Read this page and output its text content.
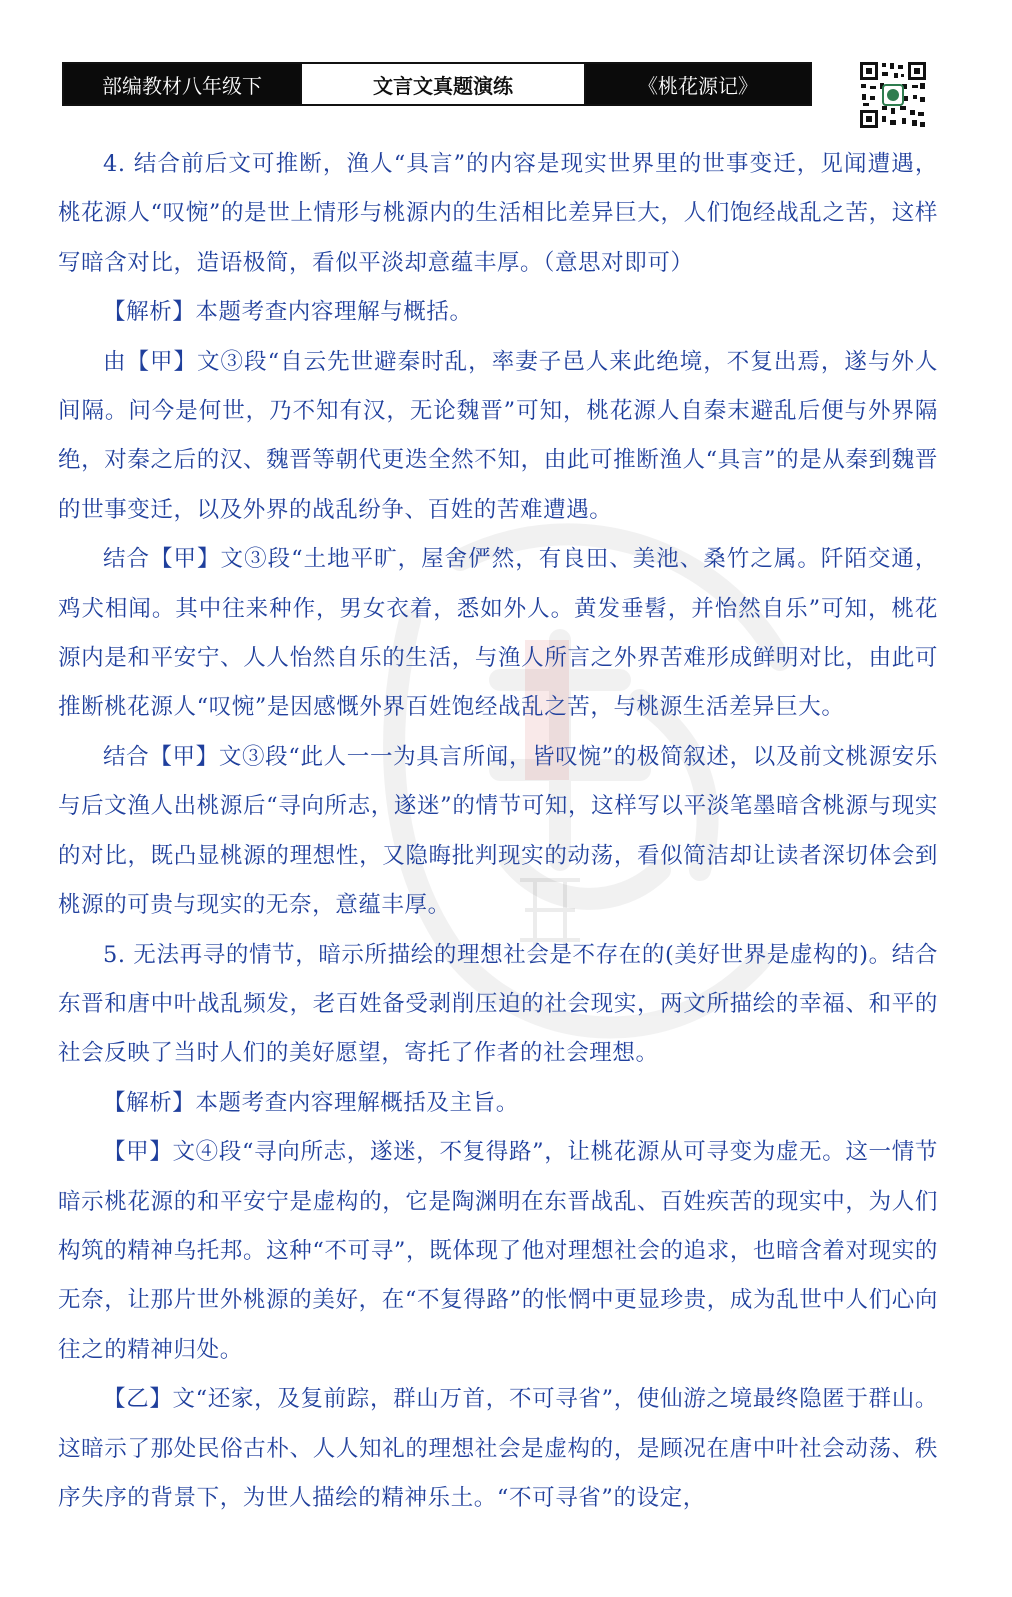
部编教材八年级下	文言文真题演练	《桃花源记》

4. 结合前后文可推断，渔人“具言”的内容是现实世界里的世事变迁，见闻遭遇，桃花源人“叹惋”的是世上情形与桃源内的生活相比差异巨大，人们饱经战乱之苦，这样写暗含对比，造语极简，看似平淡却意蕴丰厚。（意思对即可）

【解析】本题考查内容理解与概括。

由【甲】文③段“自云先世避秦时乱，率妻子邑人来此绝境，不复出焉，遂与外人间隔。问今是何世，乃不知有汉，无论魏晋”可知，桃花源人自秦末避乱后便与外界隔绝，对秦之后的汉、魏晋等朝代更迭全然不知，由此可推断渔人“具言”的是从秦到魏晋的世事变迁，以及外界的战乱纷争、百姓的苦难遭遇。

结合【甲】文③段“土地平旷，屋舍俨然，有良田、美池、桑竹之属。阡陌交通，鸡犬相闻。其中往来种作，男女衣着，悉如外人。黄发垂髫，并怡然自乐”可知，桃花源内是和平安宁、人人怡然自乐的生活，与渔人所言之外界苦难形成鲜明对比，由此可推断桃花源人“叹惋”是因感慨外界百姓饱经战乱之苦，与桃源生活差异巨大。

结合【甲】文③段“此人一一为具言所闻，皆叹惋”的极简叙述，以及前文桃源安乐与后文渔人出桃源后“寻向所志，遂迷”的情节可知，这样写以平淡笔墨暗含桃源与现实的对比，既凸显桃源的理想性，又隐晦批判现实的动荡，看似简洁却让读者深切体会到桃源的可贵与现实的无奈，意蕴丰厚。

5. 无法再寻的情节，暗示所描绘的理想社会是不存在的(美好世界是虚构的)。结合东晋和唐中叶战乱频发，老百姓备受剥削压迫的社会现实，两文所描绘的幸福、和平的社会反映了当时人们的美好愿望，寄托了作者的社会理想。

【解析】本题考查内容理解概括及主旨。

【甲】文④段“寻向所志，遂迷，不复得路”，让桃花源从可寻变为虚无。这一情节暗示桃花源的和平安宁是虚构的，它是陶渊明在东晋战乱、百姓疾苦的现实中，为人们构筑的精神乌托邦。这种“不可寻”，既体现了他对理想社会的追求，也暗含着对现实的无奈，让那片世外桃源的美好，在“不复得路”的怅惘中更显珍贵，成为乱世中人们心向往之的精神归处。

【乙】文“还家，及复前踪，群山万首，不可寻省”，使仙游之境最终隐匿于群山。这暗示了那处民俗古朴、人人知礼的理想社会是虚构的，是顾况在唐中叶社会动荡、秩序失序的背景下，为世人描绘的精神乐土。“不可寻省”的设定，
